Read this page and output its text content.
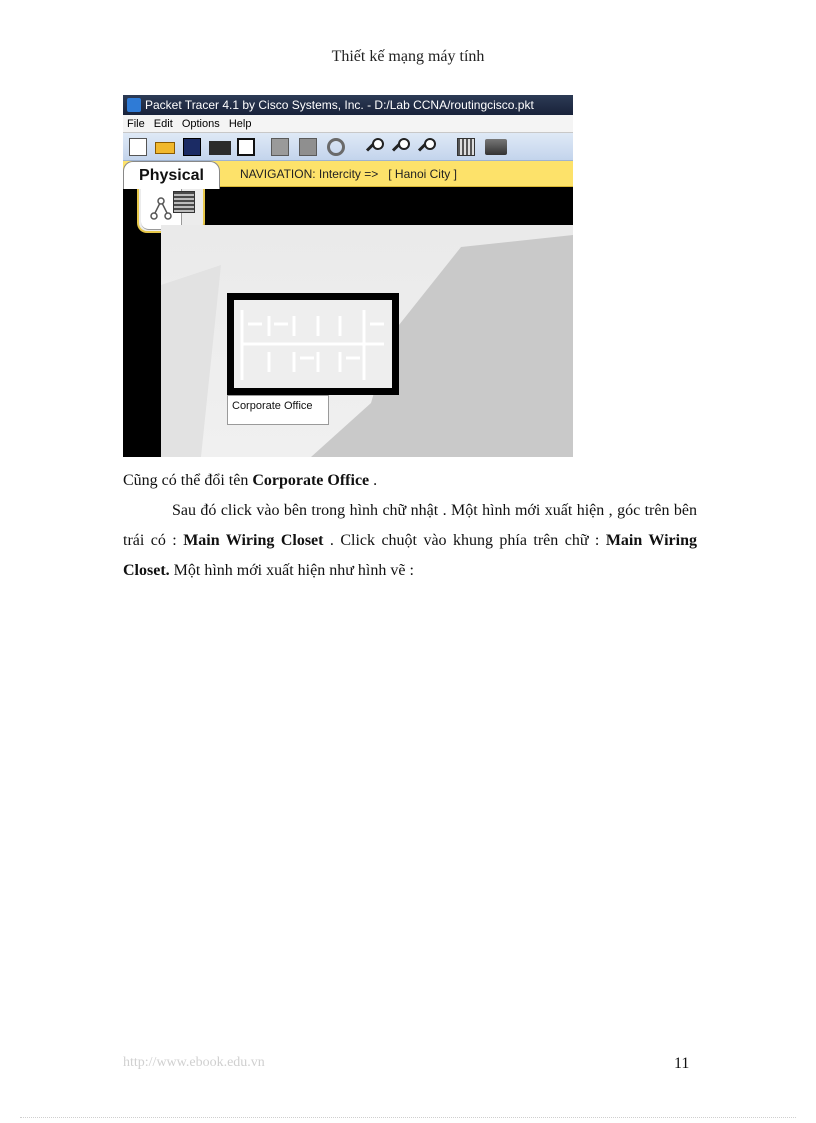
Thiết kế mạng máy tính
Packet Tracer 4.1 by Cisco Systems, Inc. - D:/Lab CCNA/routingcisco.pkt
File Edit Options Help
NAVIGATION: Intercity => [ Hanoi City ]
Physical
Corporate Office

Cũng có thể đổi tên Corporate Office .

Sau đó click vào bên trong hình chữ nhật . Một hình mới xuất hiện , góc trên bên trái có : Main Wiring Closet . Click chuột vào khung phía trên chữ : Main Wiring Closet. Một hình mới xuất hiện như hình vẽ :

http://www.ebook.edu.vn	11
